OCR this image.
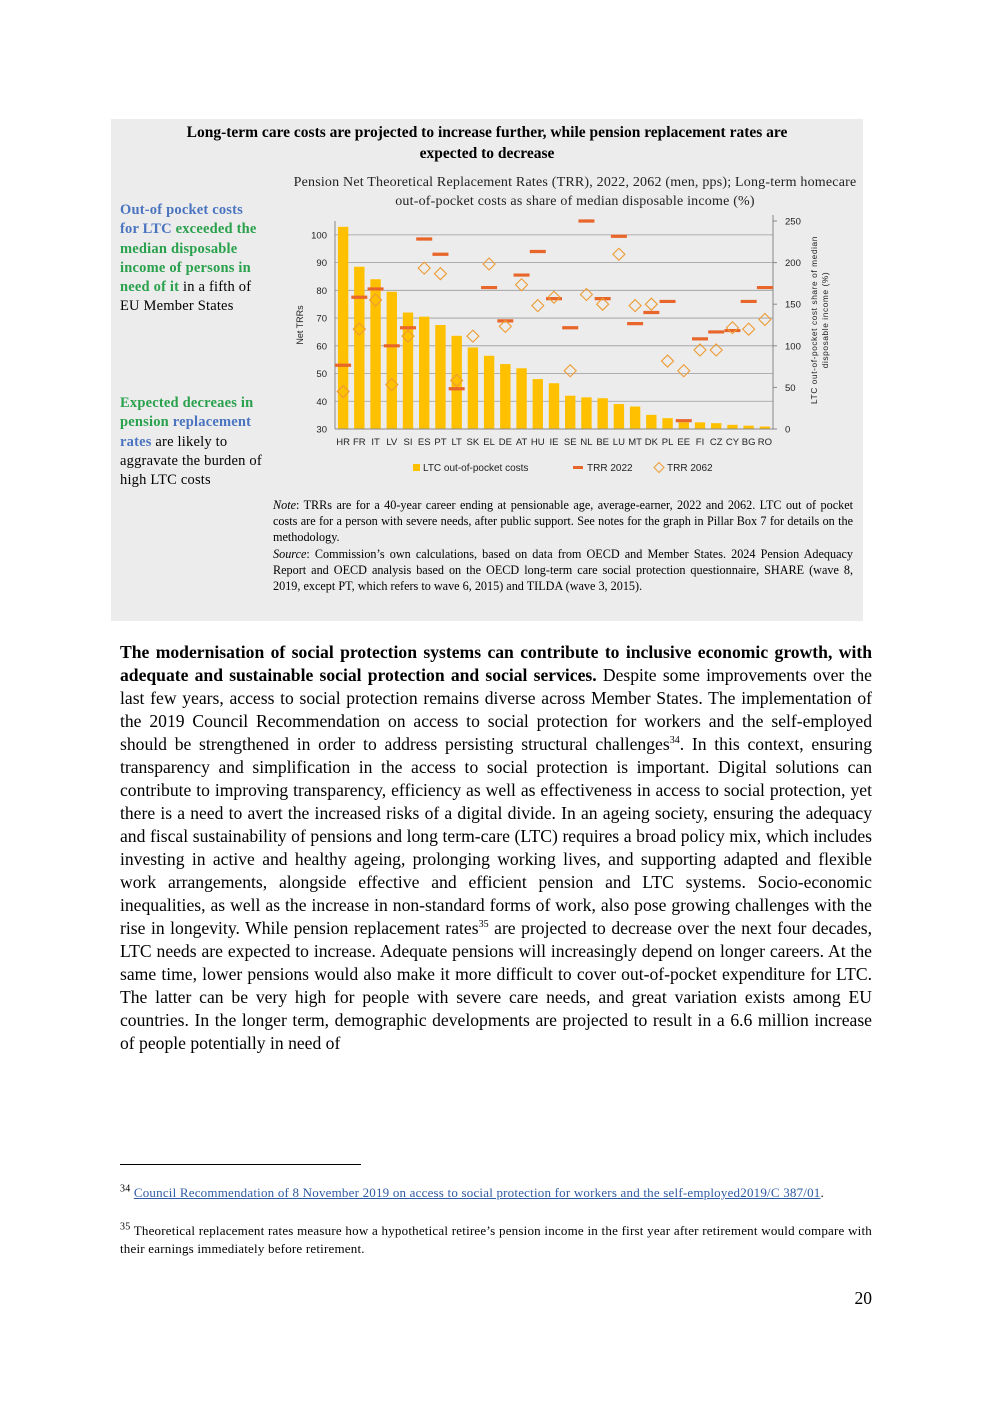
Long-term care costs are projected to increase further, while pension replacement rates are
expected to decrease
Out-of pocket costs for LTC exceeded the median disposable income of persons in need of it in a fifth of EU Member States
Expected decreaes in pension replacement rates are likely to aggravate the burden of high LTC costs
Pension Net Theoretical Replacement Rates (TRR), 2022, 2062 (men, pps); Long-term homecare out-of-pocket costs as share of median disposable income (%)
30
40
50
60
70
80
90
100
0
50
100
150
200
250
HR FR IT LV SI ES PT LT SK EL DE AT HU IE SE NL BE LU MT DK PL EE FI CZ CY BG RO
Net TRRs	LTC out-of-pocket cost share of mediandisposable income (%)
LTC out-of-pocket costs	TRR 2022	TRR 2062
Note: TRRs are for a 40-year career ending at pensionable age, average-earner, 2022 and 2062. LTC out of pocket costs are for a person with severe needs, after public support. See notes for the graph in Pillar Box 7 for details on the methodology.
Source: Commission’s own calculations, based on data from OECD and Member States. 2024 Pension Adequacy Report and OECD analysis based on the OECD long-term care social protection questionnaire, SHARE (wave 8, 2019, except PT, which refers to wave 6, 2015) and TILDA (wave 3, 2015).
The modernisation of social protection systems can contribute to inclusive economic growth, with adequate and sustainable social protection and social services. Despite some improvements over the last few years, access to social protection remains diverse across Member States. The implementation of the 2019 Council Recommendation on access to social protection for workers and the self-employed should be strengthened in order to address persisting structural challenges$^{34}$. In this context, ensuring transparency and simplification in the access to social protection is important. Digital solutions can contribute to improving transparency, efficiency as well as effectiveness in access to social protection, yet there is a need to avert the increased risks of a digital divide. In an ageing society, ensuring the adequacy and fiscal sustainability of pensions and long term-care (LTC) requires a broad policy mix, which includes investing in active and healthy ageing, prolonging working lives, and supporting adapted and flexible work arrangements, alongside effective and efficient pension and LTC systems. Socio-economic inequalities, as well as the increase in non-standard forms of work, also pose growing challenges with the rise in longevity. While pension replacement rates$^{35}$ are projected to decrease over the next four decades, LTC needs are expected to increase. Adequate pensions will increasingly depend on longer careers. At the same time, lower pensions would also make it more difficult to cover out-of-pocket expenditure for LTC. The latter can be very high for people with severe care needs, and great variation exists among EU countries. In the longer term, demographic developments are projected to result in a 6.6 million increase of people potentially in need of
$^{34}$ Council Recommendation of 8 November 2019 on access to social protection for workers and the self-employed2019/C 387/01.
$^{35}$ Theoretical replacement rates measure how a hypothetical retiree’s pension income in the first year after retirement would compare with their earnings immediately before retirement.
20
